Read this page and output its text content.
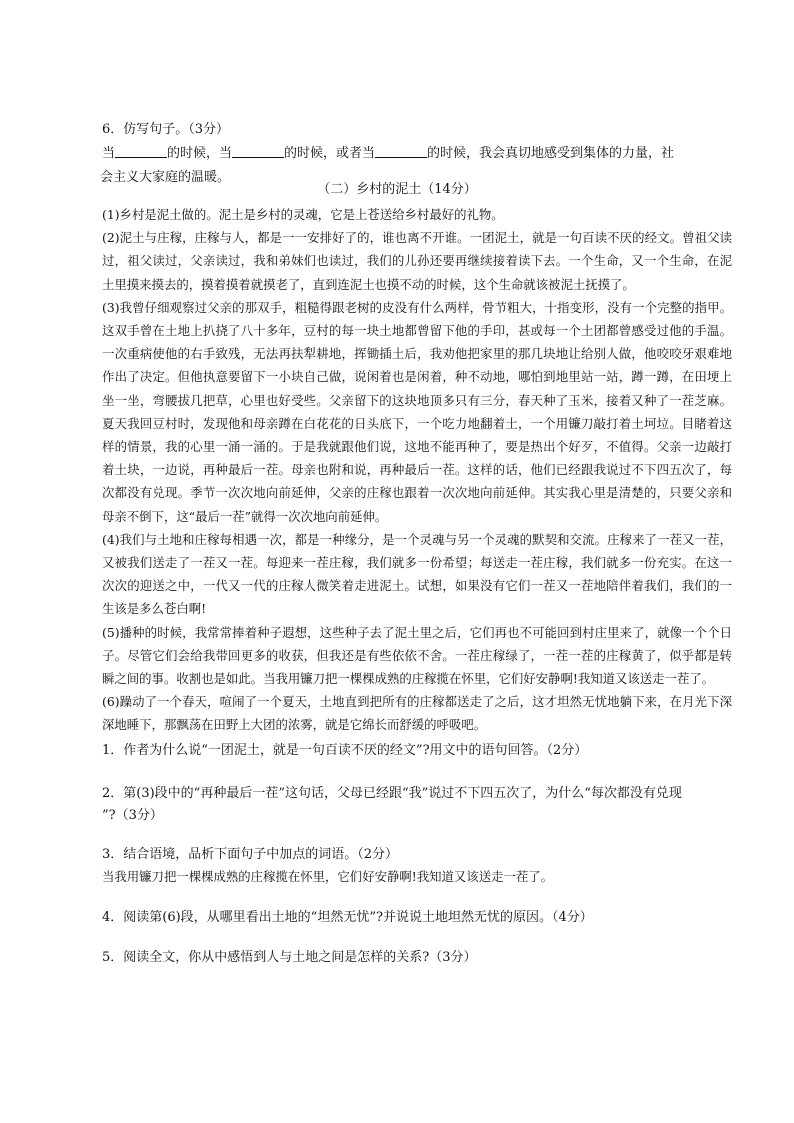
6．仿写句子。（3分）
当	的时候，当	的时候，或者当	的时候，我会真切地感受到集体的力量，社
会主义大家庭的温暖。
（二）乡村的泥土（14分）

(1)乡村是泥土做的。泥土是乡村的灵魂，它是上苍送给乡村最好的礼物。

(2)泥土与庄稼，庄稼与人，都是一一安排好了的，谁也离不开谁。一团泥土，就是一句百读不厌的经文。曾祖父读过，祖父读过，父亲读过，我和弟妹们也读过，我们的儿孙还要再继续接着读下去。一个生命，又一个生命，在泥土里摸来摸去的，摸着摸着就摸老了，直到连泥土也摸不动的时候，这个生命就该被泥土抚摸了。

(3)我曾仔细观察过父亲的那双手，粗糙得跟老树的皮没有什么两样，骨节粗大，十指变形，没有一个完整的指甲。这双手曾在土地上扒挠了八十多年，豆村的每一块土地都曾留下他的手印，甚或每一个土团都曾感受过他的手温。一次重病使他的右手致残，无法再扶犁耕地，挥锄插土后，我劝他把家里的那几块地让给别人做，他咬咬牙艰难地作出了决定。但他执意要留下一小块自己做，说闲着也是闲着，种不动地，哪怕到地里站一站，蹲一蹲，在田埂上坐一坐，弯腰拔几把草，心里也好受些。父亲留下的这块地顶多只有三分，春天种了玉米，接着又种了一茬芝麻。夏天我回豆村时，发现他和母亲蹲在白花花的日头底下，一个吃力地翻着土，一个用镰刀敲打着土坷垃。目睹着这样的情景，我的心里一涌一涌的。于是我就跟他们说，这地不能再种了，要是热出个好歹，不值得。父亲一边敲打着土块，一边说，再种最后一茬。母亲也附和说，再种最后一茬。这样的话，他们已经跟我说过不下四五次了，每次都没有兑现。季节一次次地向前延伸，父亲的庄稼也跟着一次次地向前延伸。其实我心里是清楚的，只要父亲和母亲不倒下，这“最后一茬”就得一次次地向前延伸。

(4)我们与土地和庄稼每相遇一次，都是一种缘分，是一个灵魂与另一个灵魂的默契和交流。庄稼来了一茬又一茬，又被我们送走了一茬又一茬。每迎来一茬庄稼，我们就多一份希望；每送走一茬庄稼，我们就多一份充实。在这一次次的迎送之中，一代又一代的庄稼人微笑着走进泥土。试想，如果没有它们一茬又一茬地陪伴着我们，我们的一生该是多么苍白啊!

(5)播种的时候，我常常捧着种子遐想，这些种子去了泥土里之后，它们再也不可能回到村庄里来了，就像一个个日子。尽管它们会给我带回更多的收获，但我还是有些依依不舍。一茬庄稼绿了，一茬一茬的庄稼黄了，似乎都是转瞬之间的事。收割也是如此。当我用镰刀把一棵棵成熟的庄稼揽在怀里，它们好安静啊!我知道又该送走一茬了。

(6)躁动了一个春天，喧闹了一个夏天，土地直到把所有的庄稼都送走了之后，这才坦然无忧地躺下来，在月光下深深地睡下，那飘荡在田野上大团的浓雾，就是它绵长而舒缓的呼吸吧。

1．作者为什么说“一团泥土，就是一句百读不厌的经文”?用文中的语句回答。（2分）

2．第(3)段中的“再种最后一茬”这句话，父母已经跟“我”说过不下四五次了，为什么“每次都没有兑现

”?（3分）

3．结合语境，品析下面句子中加点的词语。（2分）

当我用镰刀把一棵棵成熟的庄稼揽在怀里，它们好安静啊!我知道又该送走一茬了。

4．阅读第(6)段，从哪里看出土地的“坦然无忧”?并说说土地坦然无忧的原因。（4分）

5．阅读全文，你从中感悟到人与土地之间是怎样的关系?（3分）
